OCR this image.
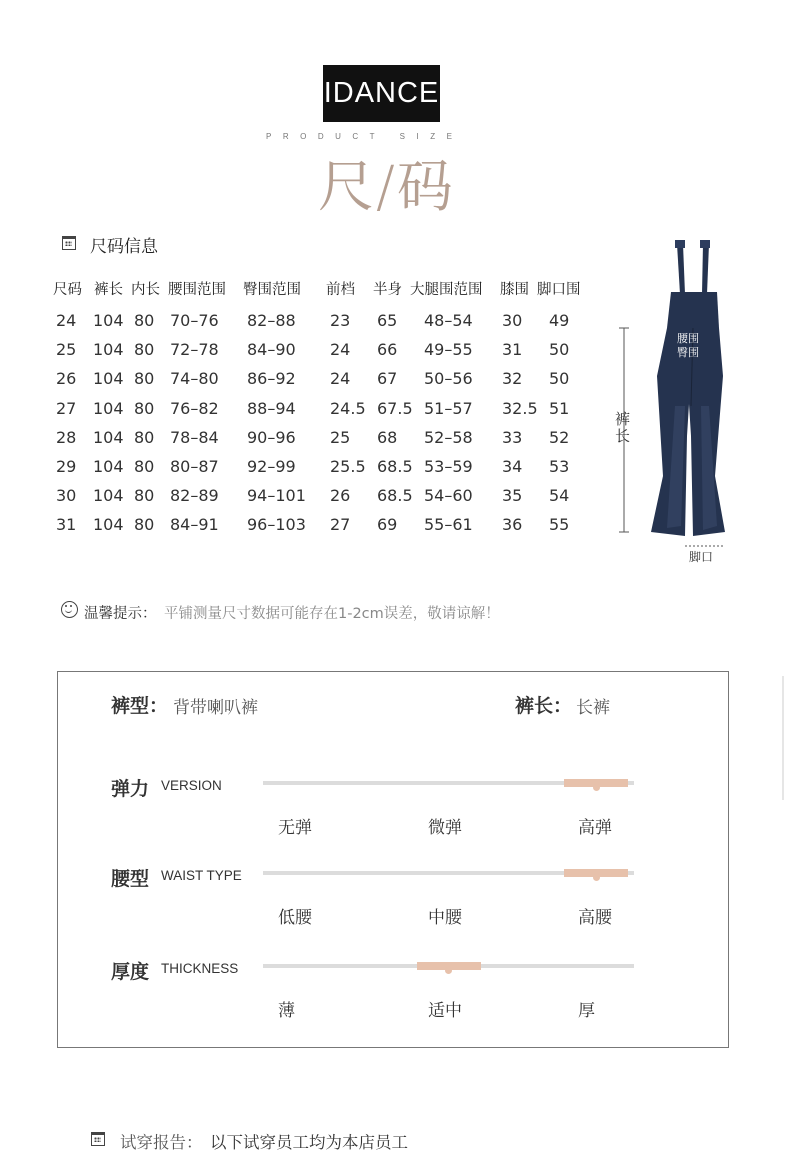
IDANCE
PRODUCT SIZE
尺/码
尺码信息
尺码 裤长 内长 腰围范围 臀围范围 前档 半身 大腿围范围 膝围 脚口围
24 104 80 70–76 82–88 23 65 48–54 30 49
25 104 80 72–78 84–90 24 66 49–55 31 50
26 104 80 74–80 86–92 24 67 50–56 32 50
27 104 80 76–82 88–94 24.5 67.5 51–57 32.5 51
28 104 80 78–84 90–96 25 68 52–58 33 52
29 104 80 80–87 92–99 25.5 68.5 53–59 34 53
30 104 80 82–89 94–101 26 68.5 54–60 35 54
31 104 80 84–91 96–103 27 69 55–61 36 55
腰围
臀围
裤长
脚口
温馨提示： 平铺测量尺寸数据可能存在1-2cm误差，敬请谅解！
裤型： 背带喇叭裤	裤长： 长裤
弹力 VERSION
无弹	微弹	高弹
腰型 WAIST TYPE
低腰	中腰	高腰
厚度 THICKNESS
薄	适中	厚
试穿报告： 以下试穿员工均为本店员工
